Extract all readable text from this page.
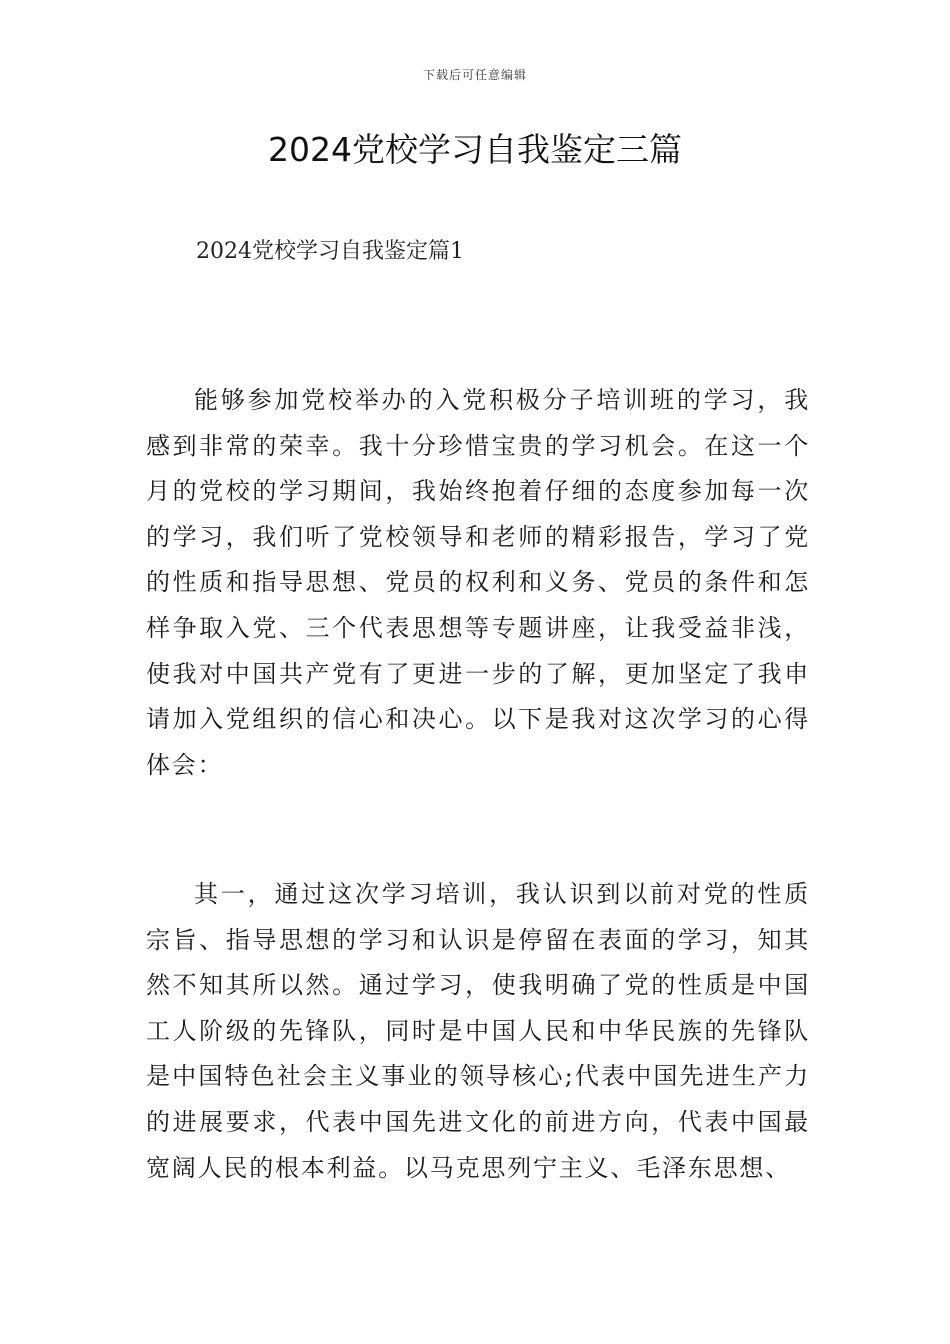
下载后可任意编辑
2024党校学习自我鉴定三篇

2024党校学习自我鉴定篇1

能够参加党校举办的入党积极分子培训班的学习，我感到非常的荣幸。我十分珍惜宝贵的学习机会。在这一个月的党校的学习期间，我始终抱着仔细的态度参加每一次的学习，我们听了党校领导和老师的精彩报告，学习了党的性质和指导思想、党员的权利和义务、党员的条件和怎样争取入党、三个代表思想等专题讲座，让我受益非浅，使我对中国共产党有了更进一步的了解，更加坚定了我申请加入党组织的信心和决心。以下是我对这次学习的心得体会：

其一，通过这次学习培训，我认识到以前对党的性质宗旨、指导思想的学习和认识是停留在表面的学习，知其然不知其所以然。通过学习，使我明确了党的性质是中国工人阶级的先锋队，同时是中国人民和中华民族的先锋队是中国特色社会主义事业的领导核心;代表中国先进生产力的进展要求，代表中国先进文化的前进方向，代表中国最宽阔人民的根本利益。以马克思列宁主义、毛泽东思想、
